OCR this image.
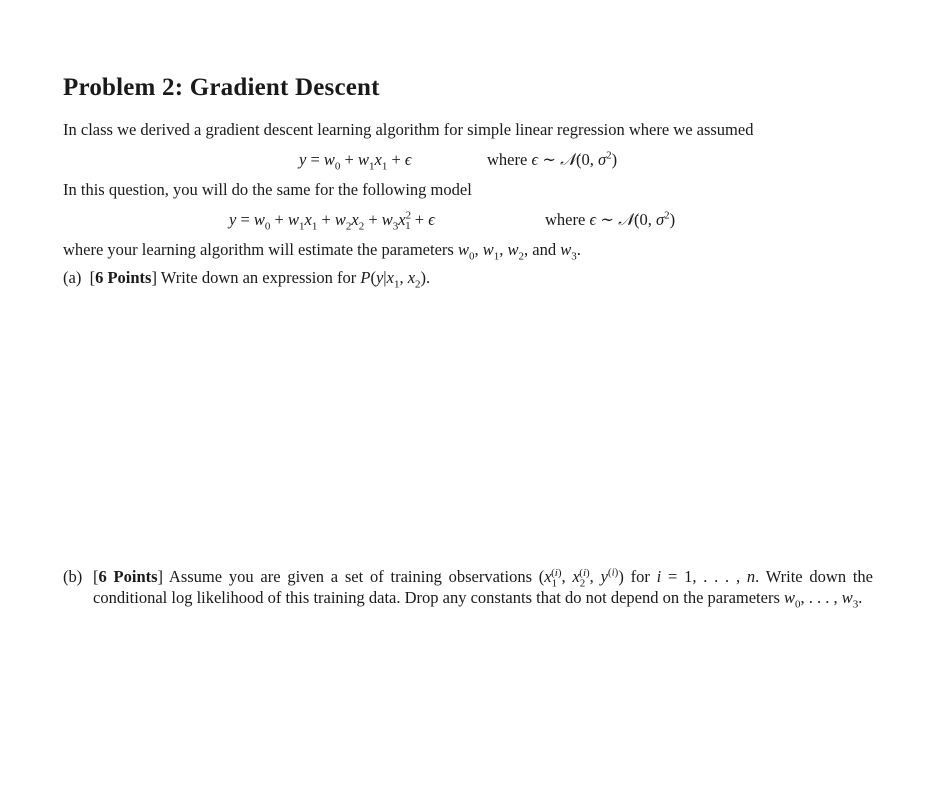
Problem 2: Gradient Descent
In class we derived a gradient descent learning algorithm for simple linear regression where we assumed
$y = w_0 + w_1x_1 + \epsilon$	where ϵ ∼ 𝒩(0, $\sigma^2$)
In this question, you will do the same for the following model
$y = w_0 + w_1x_1 + w_2x_2 + w_3x^2_1 + \epsilon$	where ϵ ∼ 𝒩(0, $\sigma^2$)
where your learning algorithm will estimate the parameters $w_0$, $w_1$, $w_2$, and $w_3$.
(a)  [6 Points] Write down an expression for $P(y|x_1$, $x_2$).
(b) [6 Points] Assume you are given a set of training observations ($x_1^{(i)}$, $x_2^{(i)}$, $y^{(i)}$) for i = 1, . . . , n. Write down the conditional log likelihood of this training data. Drop any constants that do not depend on the parameters $w_0$, . . . , $w_3$.
